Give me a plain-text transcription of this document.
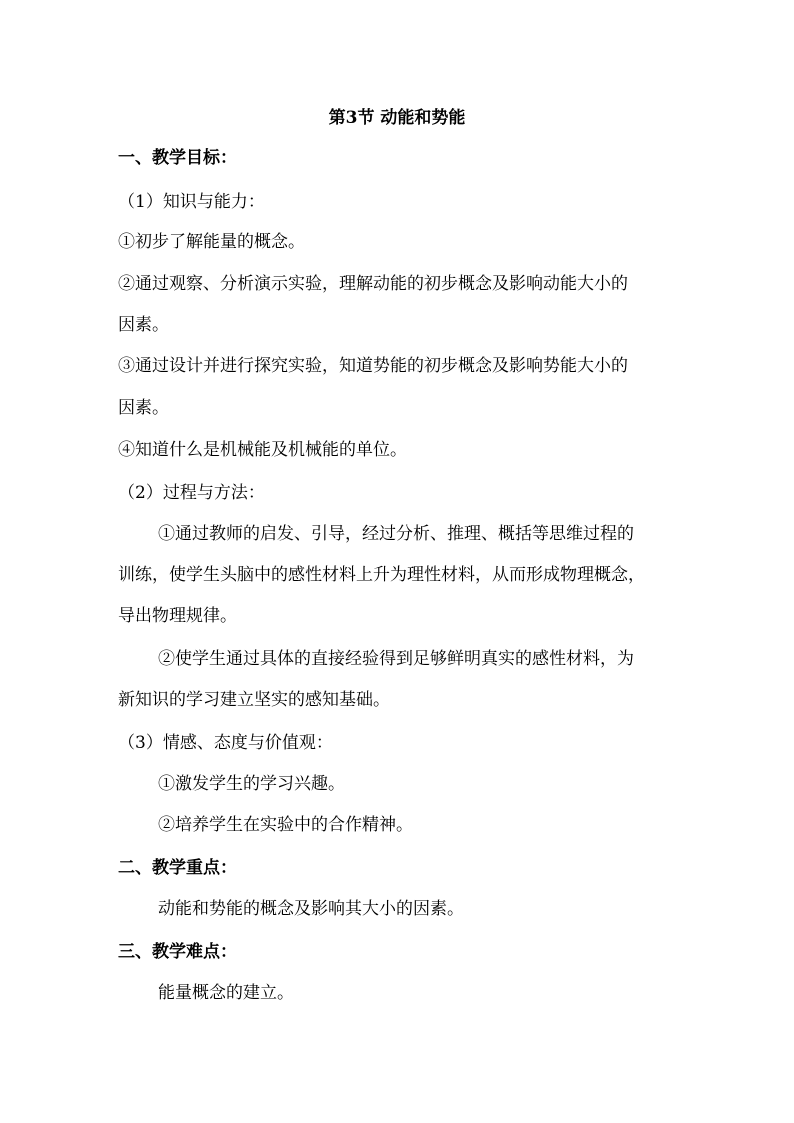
第3节 动能和势能
一、教学目标：
（1）知识与能力：
①初步了解能量的概念。
②通过观察、分析演示实验，理解动能的初步概念及影响动能大小的
因素。
③通过设计并进行探究实验，知道势能的初步概念及影响势能大小的
因素。
④知道什么是机械能及机械能的单位。
（2）过程与方法：
①通过教师的启发、引导，经过分析、推理、概括等思维过程的
训练，使学生头脑中的感性材料上升为理性材料，从而形成物理概念，
导出物理规律。
②使学生通过具体的直接经验得到足够鲜明真实的感性材料，为
新知识的学习建立坚实的感知基础。
（3）情感、态度与价值观：
①激发学生的学习兴趣。
②培养学生在实验中的合作精神。
二、教学重点：
动能和势能的概念及影响其大小的因素。
三、教学难点：
能量概念的建立。
